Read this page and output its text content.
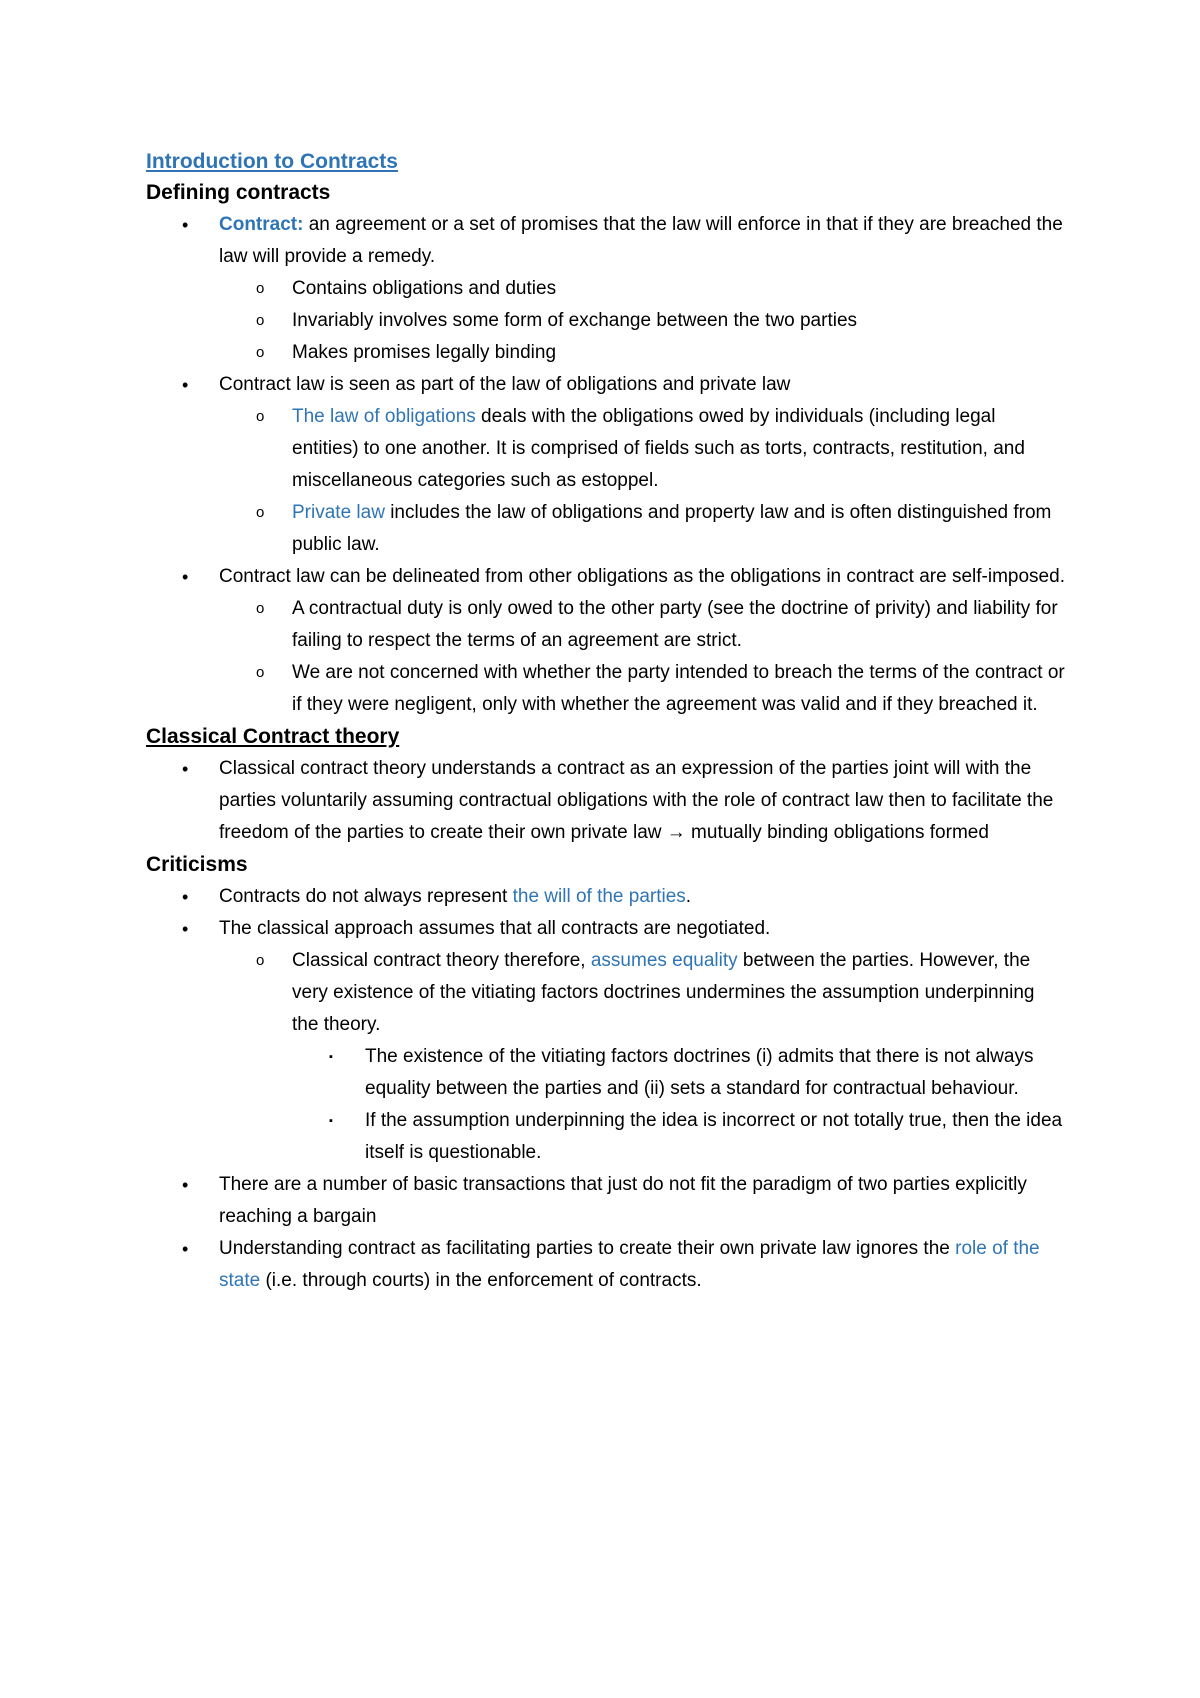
Introduction to Contracts
Defining contracts
• Contract: an agreement or a set of promises that the law will enforce in that if they are breached the law will provide a remedy.
o Contains obligations and duties
o Invariably involves some form of exchange between the two parties
o Makes promises legally binding
• Contract law is seen as part of the law of obligations and private law
o The law of obligations deals with the obligations owed by individuals (including legal entities) to one another. It is comprised of fields such as torts, contracts, restitution, and miscellaneous categories such as estoppel.
o Private law includes the law of obligations and property law and is often distinguished from public law.
• Contract law can be delineated from other obligations as the obligations in contract are self-imposed.
o A contractual duty is only owed to the other party (see the doctrine of privity) and liability for failing to respect the terms of an agreement are strict.
o We are not concerned with whether the party intended to breach the terms of the contract or if they were negligent, only with whether the agreement was valid and if they breached it.
Classical Contract theory
• Classical contract theory understands a contract as an expression of the parties joint will with the parties voluntarily assuming contractual obligations with the role of contract law then to facilitate the freedom of the parties to create their own private law → mutually binding obligations formed
Criticisms
• Contracts do not always represent the will of the parties.
• The classical approach assumes that all contracts are negotiated.
o Classical contract theory therefore, assumes equality between the parties. However, the very existence of the vitiating factors doctrines undermines the assumption underpinning the theory.
▪ The existence of the vitiating factors doctrines (i) admits that there is not always equality between the parties and (ii) sets a standard for contractual behaviour.
▪ If the assumption underpinning the idea is incorrect or not totally true, then the idea itself is questionable.
• There are a number of basic transactions that just do not fit the paradigm of two parties explicitly reaching a bargain
• Understanding contract as facilitating parties to create their own private law ignores the role of the state (i.e. through courts) in the enforcement of contracts.
